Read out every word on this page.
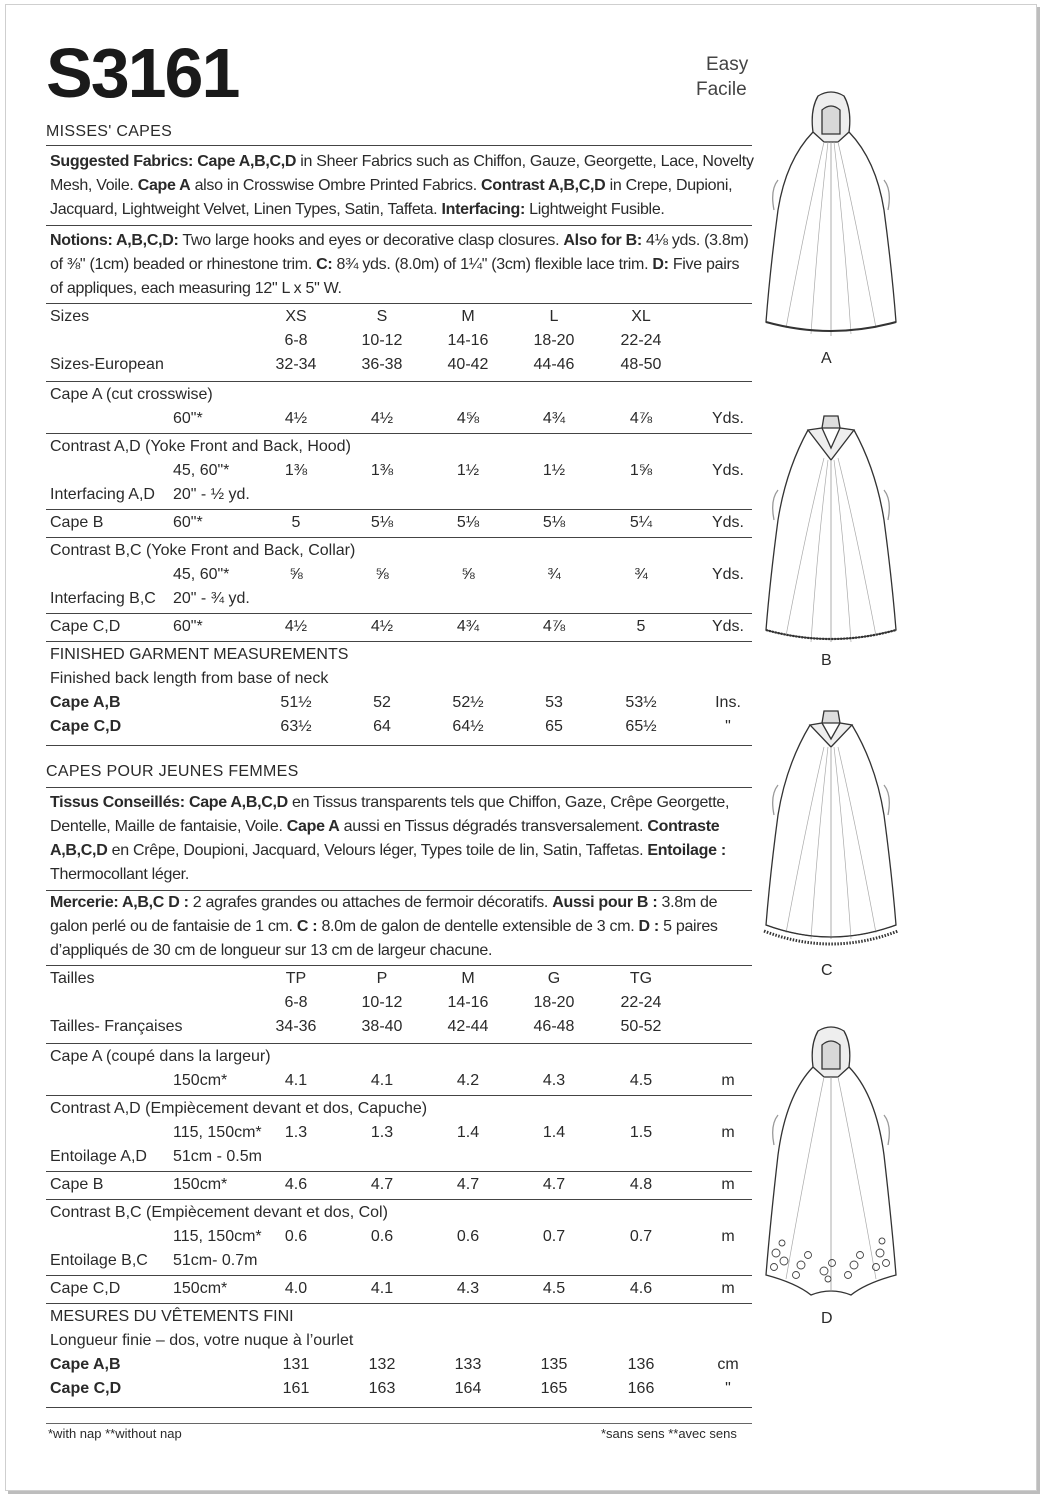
S3161	Easy
Facile
MISSES' CAPES
Suggested Fabrics: Cape A,B,C,D in Sheer Fabrics such as Chiffon, Gauze, Georgette, Lace, Novelty Mesh, Voile. Cape A also in Crosswise Ombre Printed Fabrics. Contrast A,B,C,D in Crepe, Dupioni, Jacquard, Lightweight Velvet, Linen Types, Satin, Taffeta. Interfacing: Lightweight Fusible.
Notions: A,B,C,D: Two large hooks and eyes or decorative clasp closures. Also for B: 4⅛ yds. (3.8m) of ⅜" (1cm) beaded or rhinestone trim. C: 8¾ yds. (8.0m) of 1¼" (3cm) flexible lace trim. D: Five pairs of appliques, each measuring 12" L x 5" W.
Sizes	XS	S	M	L	XL
6-8	10-12	14-16	18-20	22-24
Sizes-European	32-34	36-38	40-42	44-46	48-50
Cape A (cut crosswise)
60"*	4½	4½	4⅝	4¾	4⅞	Yds.
Contrast A,D (Yoke Front and Back, Hood)
45, 60"*	1⅜	1⅜	1½	1½	1⅝	Yds.
Interfacing A,D 20" - ½ yd.
Cape B	60"*	5	5⅛	5⅛	5⅛	5¼	Yds.
Contrast B,C (Yoke Front and Back, Collar)
45, 60"*	⅝	⅝	⅝	¾	¾	Yds.
Interfacing B,C 20" - ¾ yd.
Cape C,D	60"*	4½	4½	4¾	4⅞	5	Yds.
FINISHED GARMENT MEASUREMENTS
Finished back length from base of neck
Cape A,B	51½	52	52½	53	53½	Ins.
Cape C,D	63½	64	64½	65	65½	"
CAPES POUR JEUNES FEMMES
Tissus Conseillés: Cape A,B,C,D en Tissus transparents tels que Chiffon, Gaze, Crêpe Georgette, Dentelle, Maille de fantaisie, Voile. Cape A aussi en Tissus dégradés transversalement. Contraste A,B,C,D en Crêpe, Doupioni, Jacquard, Velours léger, Types toile de lin, Satin, Taffetas. Entoilage : Thermocollant léger.
Mercerie: A,B,C D : 2 agrafes grandes ou attaches de fermoir décoratifs. Aussi pour B : 3.8m de galon perlé ou de fantaisie de 1 cm. C : 8.0m de galon de dentelle extensible de 3 cm. D : 5 paires d’appliqués de 30 cm de longueur sur 13 cm de largeur chacune.
Tailles	TP	P	M	G	TG
6-8	10-12	14-16	18-20	22-24
Tailles- Françaises	34-36	38-40	42-44	46-48	50-52
Cape A (coupé dans la largeur)
150cm*	4.1	4.1	4.2	4.3	4.5	m
Contrast A,D (Empiècement devant et dos, Capuche)
115, 150cm*	1.3	1.3	1.4	1.4	1.5	m
Entoilage A,D 51cm - 0.5m
Cape B	150cm*	4.6	4.7	4.7	4.7	4.8	m
Contrast B,C (Empiècement devant et dos, Col)
115, 150cm*	0.6	0.6	0.6	0.7	0.7	m
Entoilage B,C 51cm- 0.7m
Cape C,D	150cm*	4.0	4.1	4.3	4.5	4.6	m
MESURES DU VÊTEMENTS FINI
Longueur finie – dos, votre nuque à l’ourlet
Cape A,B	131	132	133	135	136	cm
Cape C,D	161	163	164	165	166	"
*with nap **without nap	*sans sens **avec sens
A
B
C
D
